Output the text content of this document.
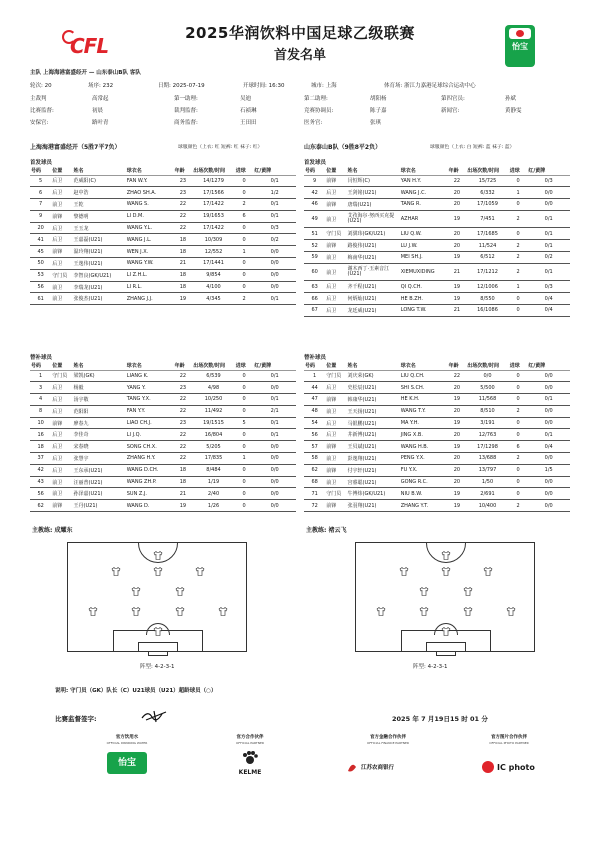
CFL
2025华润饮料中国足球乙级联赛
首发名单
怡宝
主队 上海海港富盛经开 — 山东泰山B队 客队
轮次: 20	场序: 232	日期: 2025-07-19	开球时间: 16:30	城市: 上海	体育场: 浙江力嘉港足球综合运动中心
主裁判	高常起	第一助理:	吴迪	第二助理:	胡阳杨	第四官员:	孙斌
比赛监督:	初晨	裁判监督:	石祯琳	竞赛协调员:	陈子嘉	新闻官:	黄静雯
安保官:	路叶青	商务监督:	王田田	医务官:	张琪
上海海港富盛经开（5胜7平7负）	球服颜色（上衣: 红 短裤: 红 袜子: 红）
首发球员
山东泰山B队（9胜8平2负）	球服颜色（上衣: 白 短裤: 蓝 袜子: 蓝）
首发球员
号码	位置	姓名	球衣名	年龄	出场次数/时间	进球	红/黄牌
5	后卫	范威阳(C)	FAN W.Y.	23	14/1279	0	0/1
6	后卫	赵中浩	ZHAO SH.A.	23	17/1566	0	1/2
7	前卫	王乾	WANG S.	22	17/1422	2	0/1
9	前锋	黎德明	LI D.M.	22	19/1653	6	0/1
20	后卫	王玉龙	WANG Y.L.	22	17/1422	0	0/3
41	后卫	王嘉磊(U21)	WANG J.L.	18	10/309	0	0/2
45	前锋	温玲翔(U21)	WEN J.X.	18	12/552	1	0/0
50	后卫	王逸伟(U21)	WANG Y.W.	21	17/1441	0	0/0
53	守门员	李智良(GK/U21)	LI Z.H.L.	18	9/854	0	0/0
56	前卫	李瑞龙(U21)	LI R.L.	18	4/100	0	0/0
61	前卫	张俊杰(U21)	ZHANG J.J.	19	4/345	2	0/1
号码	位置	姓名	球衣名	年龄	出场次数/时间	进球	红/黄牌
9	前锋	闫恒辉(C)	YAN H.Y.	22	15/725	0	0/3
42	后卫	王剑铭(U21)	WANG J.C.	20	6/332	1	0/0
46	前锋	唐瑞(U21)	TANG R.	20	17/1059	0	0/0
49	前卫	艾孜海尔·努西买克提(U21)	AZHAR	19	7/451	2	0/1
51	守门员	刘骐玮(GK/U21)	LIU Q.W.	20	17/1685	0	0/1
52	前锋	路俊伟(U21)	LU J.W.	20	11/524	2	0/1
59	前卫	梅南华(U21)	MEI SH.J.	19	6/512	2	0/2
60	前卫	谢木西丁·玉素音江(U21)	XIEMUXIDING	21	17/1212	2	0/1
63	后卫	齐千程(U21)	QI Q.CH.	19	12/1006	1	0/3
66	后卫	何炳灿(U21)	HE B.ZH.	19	8/550	0	0/4
67	后卫	龙廷威(U21)	LONG T.W.	21	16/1086	0	0/4
替补球员	替补球员
号码	位置	姓名	球衣名	年龄	出场次数/时间	进球	红/黄牌
1	守门员	梁凯(GK)	LIANG K.	22	6/539	0	0/1
3	后卫	杨毅	YANG Y.	23	4/98	0	0/0
4	后卫	汤宇敬	TANG Y.X.	22	10/250	0	0/1
8	后卫	范阳阳	FAN Y.Y.	22	11/492	0	2/1
10	前锋	廖春九	LIAO CH.J.	23	19/1515	5	0/1
16	后卫	李佳奇	LI J.Q.	22	16/804	0	0/1
18	后卫	宋春晓	SONG CH.X.	22	5/205	0	0/0
37	后卫	张慧宇	ZHANG H.Y.	22	17/835	1	0/0
42	后卫	王东承(U21)	WANG D.CH.	18	8/484	0	0/0
43	前卫	汪丽普(U21)	WANG ZH.P.	18	1/19	0	0/0
56	前卫	孙泽嘉(U21)	SUN Z.J.	21	2/40	0	0/0
62	前锋	王丹(U21)	WANG D.	19	1/26	0	0/0
号码	位置	姓名	球衣名	年龄	出场次数/时间	进球	红/黄牌
1	守门员	刘庆荣(GK)	LIU Q.CH.	22	0/0	0	0/0
44	后卫	史松辰(U21)	SHI S.CH.	20	5/500	0	0/0
47	前锋	韩康华(U21)	HE K.H.	19	11/568	0	0/1
48	前卫	王天扬(U21)	WANG T.Y.	20	8/510	2	0/0
54	后卫	马银鹏(U21)	MA Y.H.	19	3/191	0	0/0
56	后卫	井新博(U21)	JING X.B.	20	12/763	0	0/1
57	前锋	王贝斌(U21)	WANG H.B.	19	17/1298	6	0/4
58	前卫	彭逸翔(U21)	PENG Y.X.	20	13/688	2	0/0
62	前锋	付宇轩(U21)	FU Y.X.	20	13/797	0	1/5
68	前卫	宫睿聪(U21)	GONG R.C.	20	1/50	0	0/0
71	守门员	牛博炜(GK/U21)	NIU B.W.	19	2/691	0	0/0
72	前锋	张羽翔(U21)	ZHANG Y.T.	19	10/400	2	0/0
主教练: 成耀东	主教练: 褚云飞
阵型: 4-2-3-1	阵型: 4-2-3-1
说明: 守门员（GK）队长（C）U21球员（U21）超龄球员（○）
比赛监督签字:	2025 年 7 月19日15 时 01 分
官方饮用水	官方合作伙伴	官方金融合作伙伴	官方图片合作伙伴
OFFICIAL DRINKING WATER	OFFICIAL PARTNER	OFFICIAL FINANCE PARTNER	OFFICIAL PHOTO PARTNER
怡宝
KELME
江苏农商银行	IC photo
